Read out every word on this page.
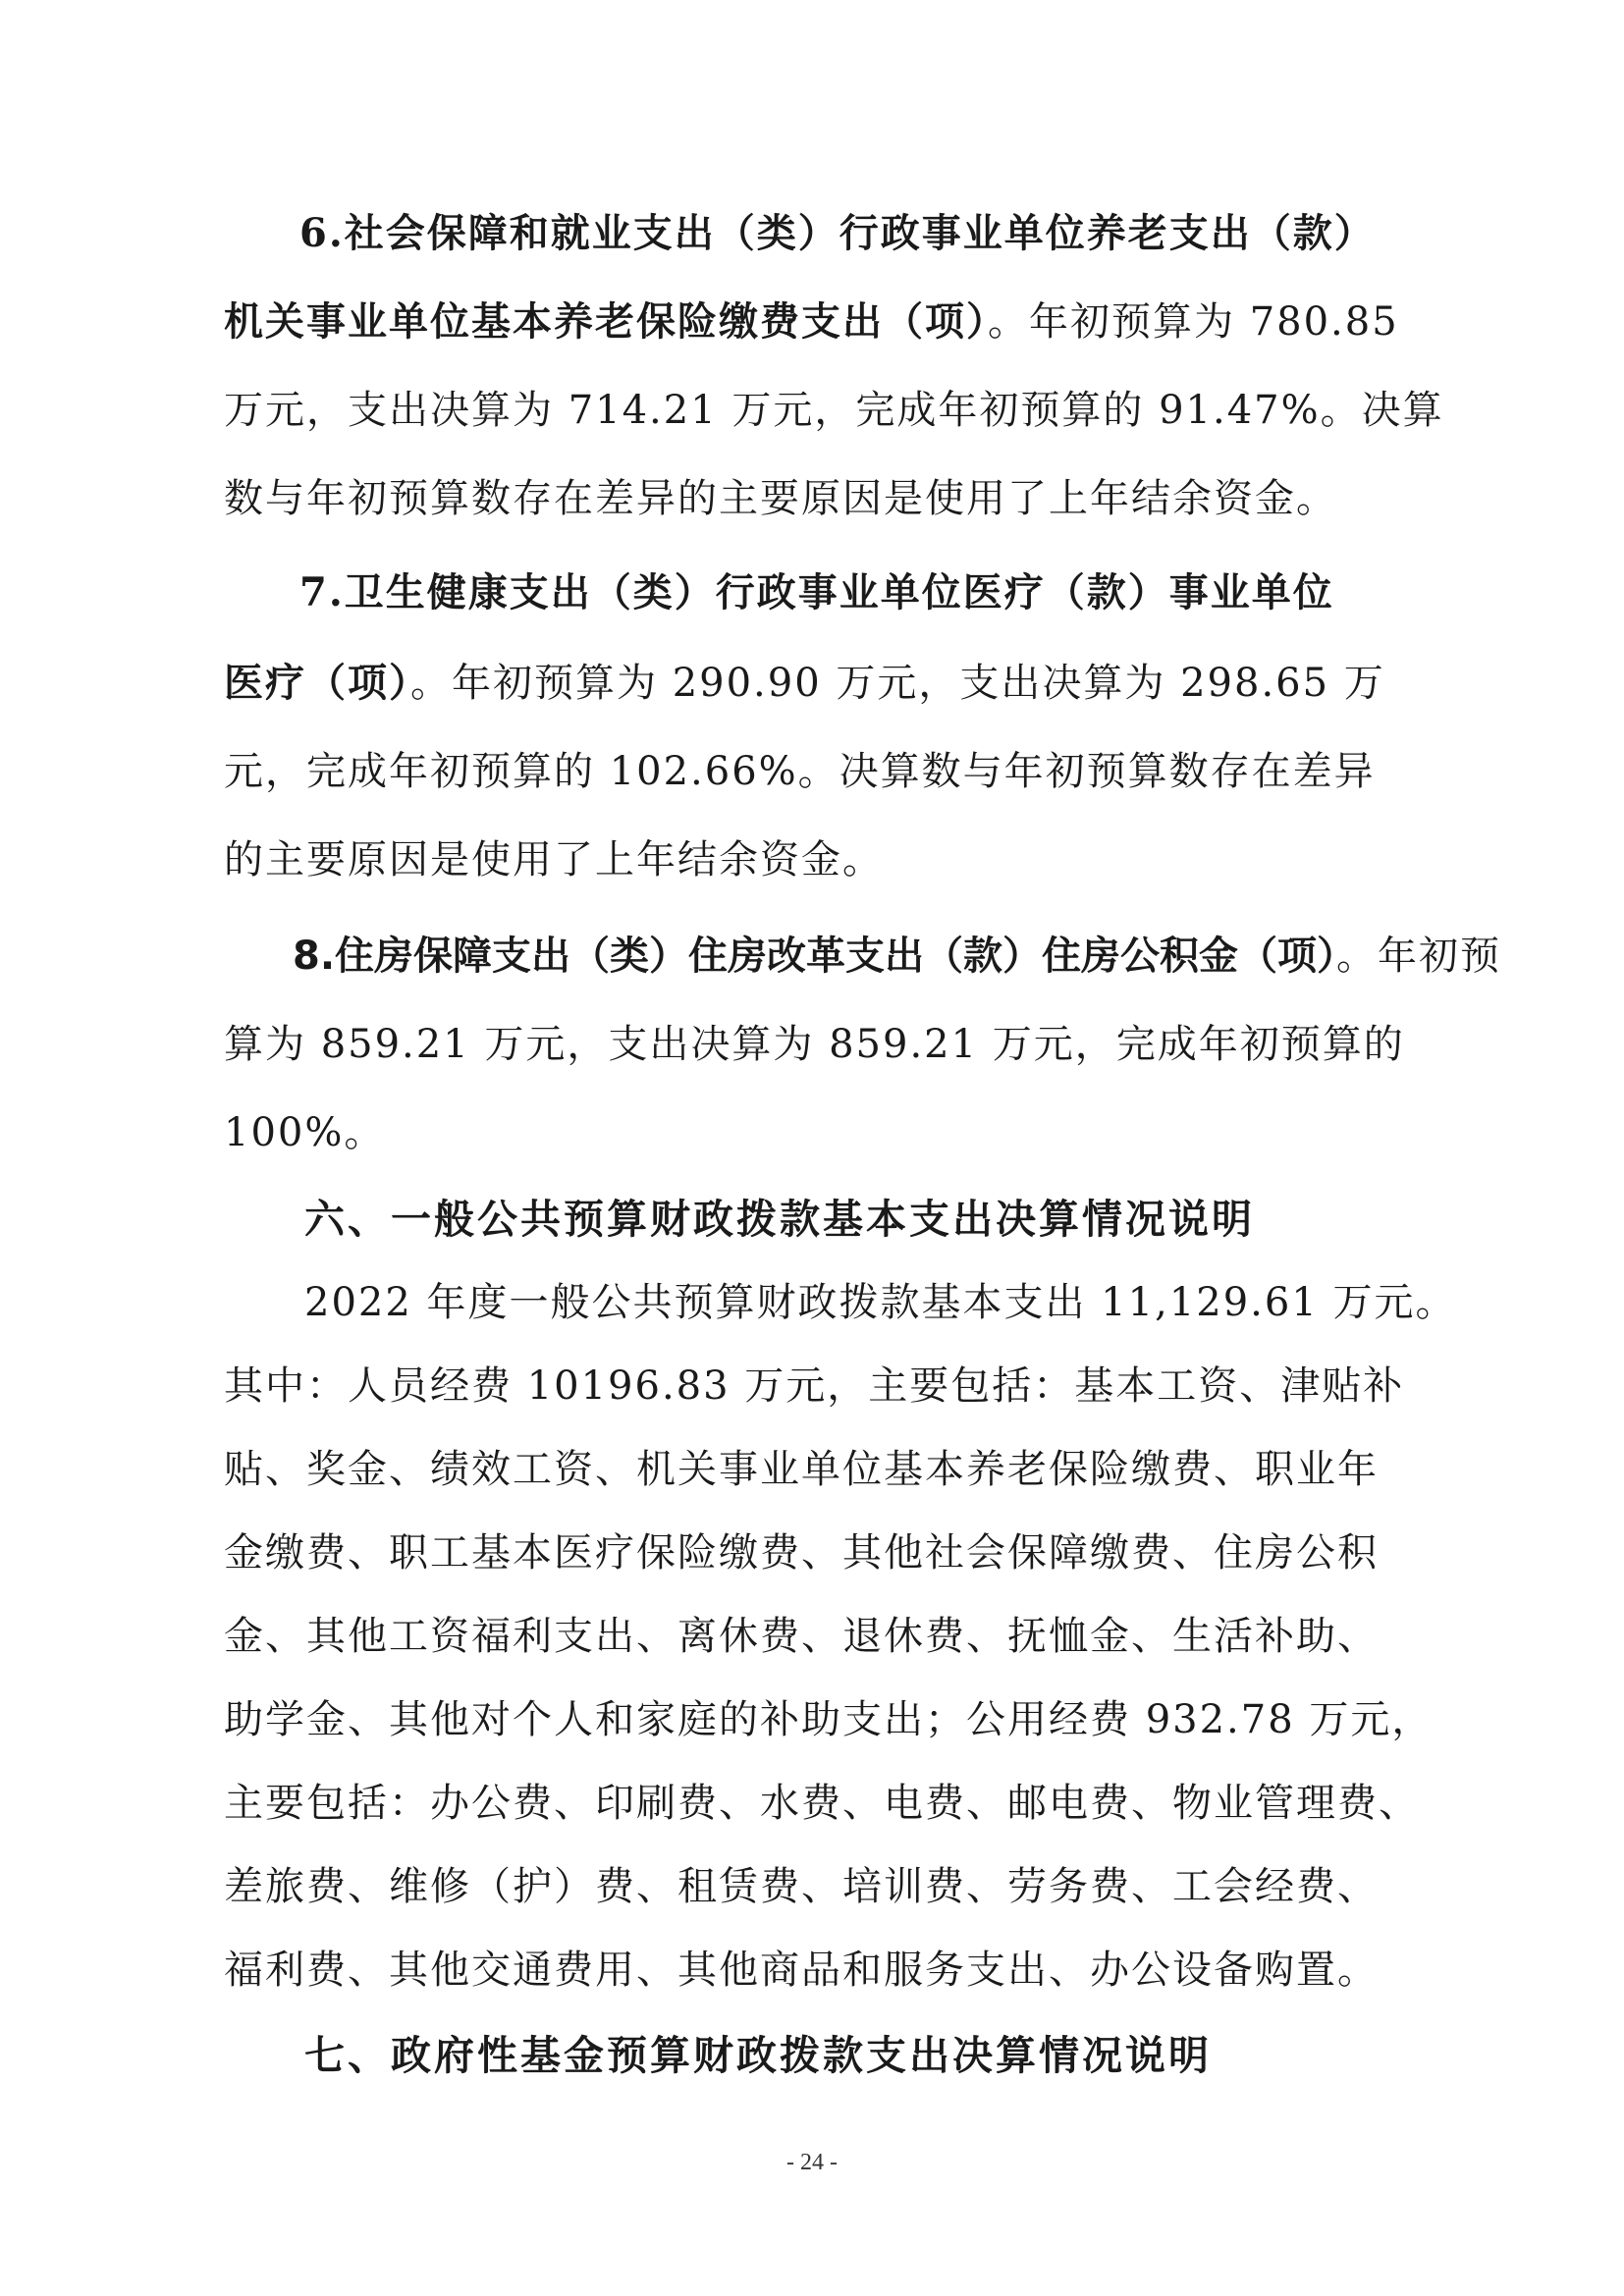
6.社会保障和就业支出（类）行政事业单位养老支出（款）
机关事业单位基本养老保险缴费支出（项）。年初预算为 780.85
万元，支出决算为 714.21 万元，完成年初预算的 91.47%。决算
数与年初预算数存在差异的主要原因是使用了上年结余资金。
7.卫生健康支出（类）行政事业单位医疗（款）事业单位
医疗（项）。年初预算为 290.90 万元，支出决算为 298.65 万
元，完成年初预算的 102.66%。决算数与年初预算数存在差异
的主要原因是使用了上年结余资金。
8.住房保障支出（类）住房改革支出（款）住房公积金（项）。年初预
算为 859.21 万元，支出决算为 859.21 万元，完成年初预算的
100%。
六、一般公共预算财政拨款基本支出决算情况说明
2022 年度一般公共预算财政拨款基本支出 11,129.61 万元。
其中：人员经费 10196.83 万元，主要包括：基本工资、津贴补
贴、奖金、绩效工资、机关事业单位基本养老保险缴费、职业年
金缴费、职工基本医疗保险缴费、其他社会保障缴费、住房公积
金、其他工资福利支出、离休费、退休费、抚恤金、生活补助、
助学金、其他对个人和家庭的补助支出；公用经费 932.78 万元，
主要包括：办公费、印刷费、水费、电费、邮电费、物业管理费、
差旅费、维修（护）费、租赁费、培训费、劳务费、工会经费、
福利费、其他交通费用、其他商品和服务支出、办公设备购置。
七、政府性基金预算财政拨款支出决算情况说明
- 24 -
